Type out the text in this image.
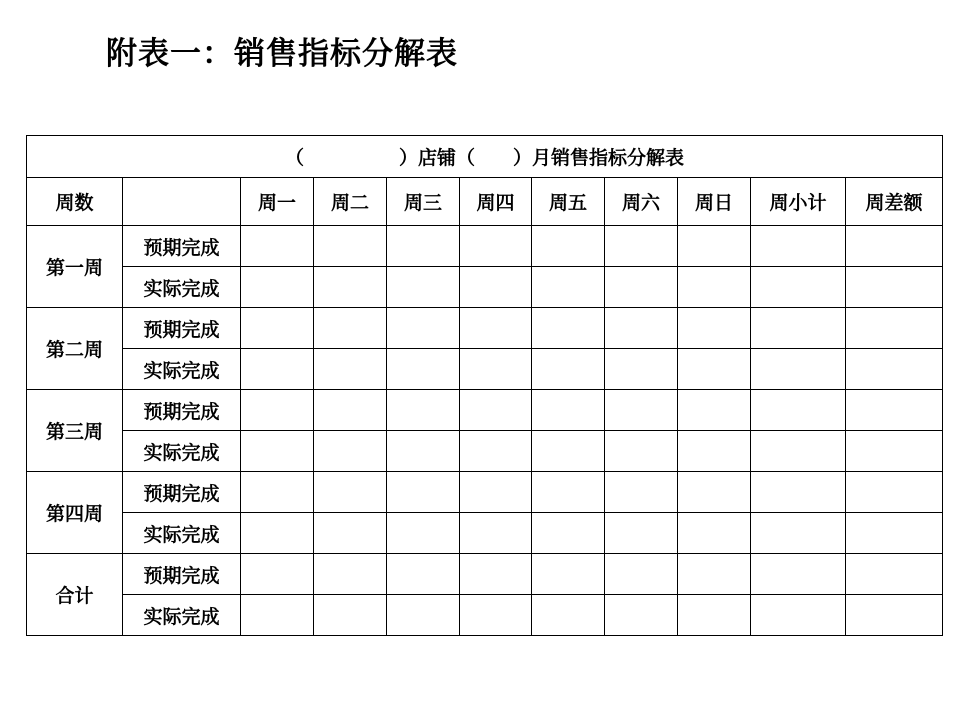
附表一：销售指标分解表
（　　　　　）店铺（　　）月销售指标分解表										
周数		周一	周二	周三	周四	周五	周六	周日	周小计	周差额
第一周	预期完成									
	实际完成									
第二周	预期完成									
	实际完成									
第三周	预期完成									
	实际完成									
第四周	预期完成									
	实际完成									
合计	预期完成									
	实际完成									
